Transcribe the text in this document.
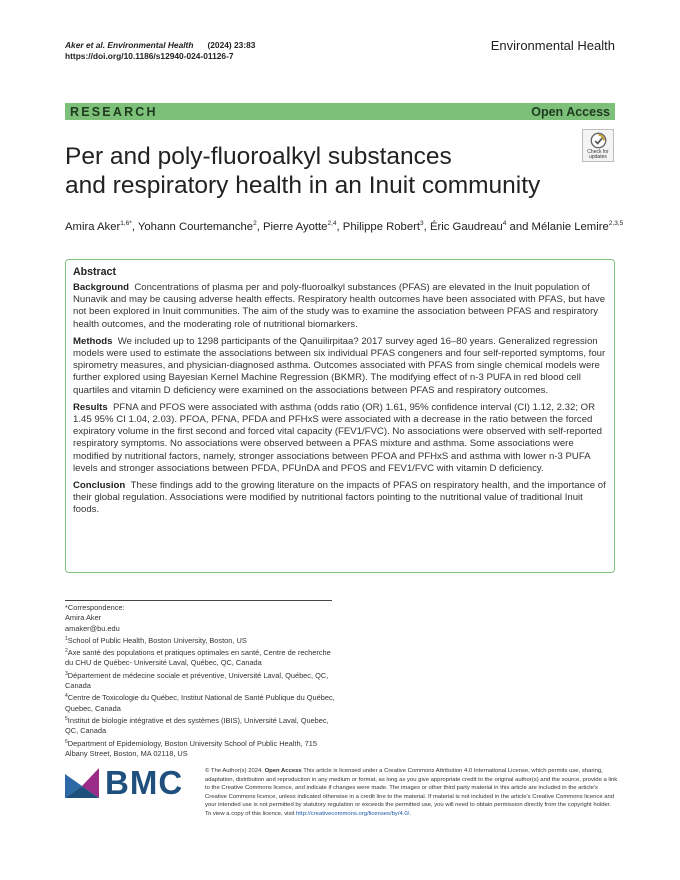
Aker et al. Environmental Health (2024) 23:83
https://doi.org/10.1186/s12940-024-01126-7
Environmental Health
RESEARCH	Open Access
Per and poly-fluoroalkyl substances
and respiratory health in an Inuit community
Check for
updates
Amira Aker$^{1,6*}$, Yohann Courtemanche$^2$, Pierre Ayotte$^{2,4}$, Philippe Robert$^3$, Éric Gaudreau$^4$ and Mélanie Lemire$^{2,3,5}$
Abstract

Background Concentrations of plasma per and poly-fluoroalkyl substances (PFAS) are elevated in the Inuit population of Nunavik and may be causing adverse health effects. Respiratory health outcomes have been associated with PFAS, but have not been explored in Inuit communities. The aim of the study was to examine the association between PFAS and respiratory health outcomes, and the moderating role of nutritional biomarkers.

Methods We included up to 1298 participants of the Qanuilirpitaa? 2017 survey aged 16–80 years. Generalized regression models were used to estimate the associations between six individual PFAS congeners and four self-reported symptoms, four spirometry measures, and physician-diagnosed asthma. Outcomes associated with PFAS from single chemical models were further explored using Bayesian Kernel Machine Regression (BKMR). The modifying effect of n-3 PUFA in red blood cell quartiles and vitamin D deficiency were examined on the associations between PFAS and respiratory outcomes.

Results PFNA and PFOS were associated with asthma (odds ratio (OR) 1.61, 95% confidence interval (CI) 1.12, 2.32; OR 1.45 95% CI 1.04, 2.03). PFOA, PFNA, PFDA and PFHxS were associated with a decrease in the ratio between the forced expiratory volume in the first second and forced vital capacity (FEV1/FVC). No associations were observed with self-reported respiratory symptoms. No associations were observed between a PFAS mixture and asthma. Some associations were modified by nutritional factors, namely, stronger associations between PFOA and PFHxS and asthma with lower n-3 PUFA levels and stronger associations between PFDA, PFUnDA and PFOS and FEV1/FVC with vitamin D deficiency.

Conclusion These findings add to the growing literature on the impacts of PFAS on respiratory health, and the importance of their global regulation. Associations were modified by nutritional factors pointing to the nutritional value of traditional Inuit foods.

*Correspondence:
Amira Aker
amaker@bu.edu
$^1$School of Public Health, Boston University, Boston, US
$^2$Axe santé des populations et pratiques optimales en santé, Centre de recherche du CHU de Québec- Université Laval, Québec, QC, Canada
$^3$Département de médecine sociale et préventive, Université Laval, Québec, QC, Canada
$^4$Centre de Toxicologie du Québec, Institut National de Santé Publique du Québec, Quebec, Canada
$^5$Institut de biologie intégrative et des systèmes (IBIS), Université Laval, Quebec, QC, Canada
$^6$Department of Epidemiology, Boston University School of Public Health, 715 Albany Street, Boston, MA 02118, US
BMC	© The Author(s) 2024. Open Access This article is licensed under a Creative Commons Attribution 4.0 International License, which permits use, sharing, adaptation, distribution and reproduction in any medium or format, as long as you give appropriate credit to the original author(s) and the source, provide a link to the Creative Commons licence, and indicate if changes were made. The images or other third party material in this article are included in the article's Creative Commons licence, unless indicated otherwise in a credit line to the material. If material is not included in the article's Creative Commons licence and your intended use is not permitted by statutory regulation or exceeds the permitted use, you will need to obtain permission directly from the copyright holder. To view a copy of this licence, visit http://creativecommons.org/licenses/by/4.0/.
